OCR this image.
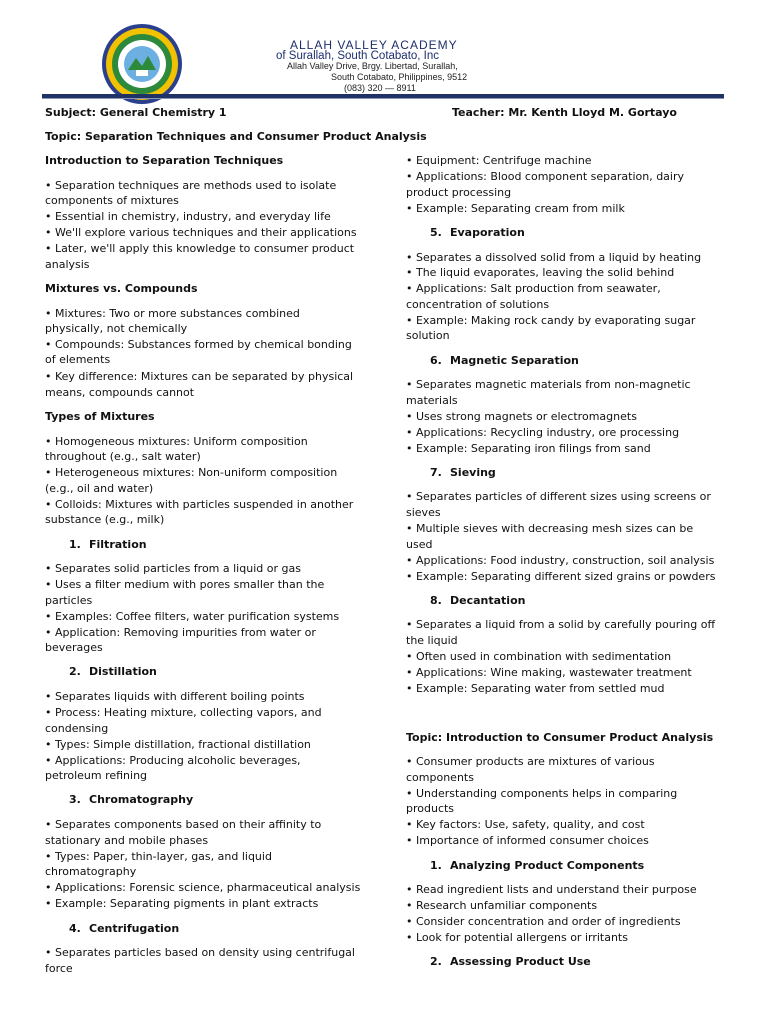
ALLAH VALLEY ACADEMY
of Surallah, South Cotabato, Inc
Allah Valley Drive, Brgy. Libertad, Surallah,
South Cotabato, Philippines, 9512
(083) 320 — 8911
Subject: General Chemistry 1	Teacher: Mr. Kenth Lloyd M. Gortayo
Topic: Separation Techniques and Consumer Product Analysis
Introduction to Separation Techniques
• Separation techniques are methods used to isolate
components of mixtures
• Essential in chemistry, industry, and everyday life
• We'll explore various techniques and their applications
• Later, we'll apply this knowledge to consumer product
analysis
Mixtures vs. Compounds
• Mixtures: Two or more substances combined
physically, not chemically
• Compounds: Substances formed by chemical bonding
of elements
• Key difference: Mixtures can be separated by physical
means, compounds cannot
Types of Mixtures
• Homogeneous mixtures: Uniform composition
throughout (e.g., salt water)
• Heterogeneous mixtures: Non-uniform composition
(e.g., oil and water)
• Colloids: Mixtures with particles suspended in another
substance (e.g., milk)
1. Filtration
• Separates solid particles from a liquid or gas
• Uses a filter medium with pores smaller than the
particles
• Examples: Coffee filters, water purification systems
• Application: Removing impurities from water or
beverages
2. Distillation
• Separates liquids with different boiling points
• Process: Heating mixture, collecting vapors, and
condensing
• Types: Simple distillation, fractional distillation
• Applications: Producing alcoholic beverages,
petroleum refining
3. Chromatography
• Separates components based on their affinity to
stationary and mobile phases
• Types: Paper, thin-layer, gas, and liquid
chromatography
• Applications: Forensic science, pharmaceutical analysis
• Example: Separating pigments in plant extracts
4. Centrifugation
• Separates particles based on density using centrifugal
force
• Equipment: Centrifuge machine
• Applications: Blood component separation, dairy
product processing
• Example: Separating cream from milk
5. Evaporation
• Separates a dissolved solid from a liquid by heating
• The liquid evaporates, leaving the solid behind
• Applications: Salt production from seawater,
concentration of solutions
• Example: Making rock candy by evaporating sugar
solution
6. Magnetic Separation
• Separates magnetic materials from non-magnetic
materials
• Uses strong magnets or electromagnets
• Applications: Recycling industry, ore processing
• Example: Separating iron filings from sand
7. Sieving
• Separates particles of different sizes using screens or
sieves
• Multiple sieves with decreasing mesh sizes can be
used
• Applications: Food industry, construction, soil analysis
• Example: Separating different sized grains or powders
8. Decantation
• Separates a liquid from a solid by carefully pouring off
the liquid
• Often used in combination with sedimentation
• Applications: Wine making, wastewater treatment
• Example: Separating water from settled mud
Topic: Introduction to Consumer Product Analysis
• Consumer products are mixtures of various
components
• Understanding components helps in comparing
products
• Key factors: Use, safety, quality, and cost
• Importance of informed consumer choices
1. Analyzing Product Components
• Read ingredient lists and understand their purpose
• Research unfamiliar components
• Consider concentration and order of ingredients
• Look for potential allergens or irritants
2. Assessing Product Use
